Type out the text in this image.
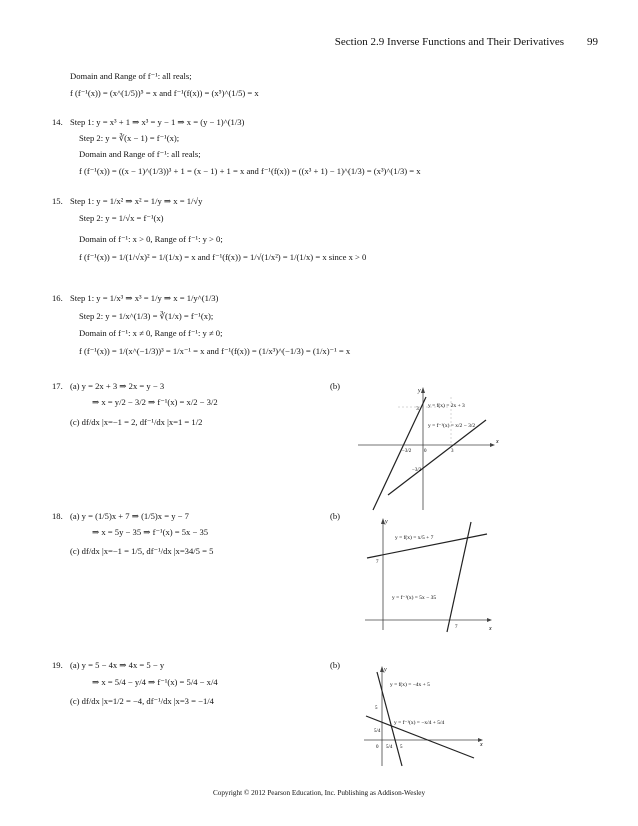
Section 2.9 Inverse Functions and Their Derivatives 99
Domain and Range of f⁻¹: all reals;
f (f⁻¹(x)) = (x^(1/5))⁵ = x and f⁻¹(f(x)) = (x⁵)^(1/5) = x
14. Step 1: y = x³ + 1 ⇒ x³ = y − 1 ⇒ x = (y − 1)^(1/3)
Step 2: y = ∛(x − 1) = f⁻¹(x);
Domain and Range of f⁻¹: all reals;
f (f⁻¹(x)) = ((x − 1)^(1/3))³ + 1 = (x − 1) + 1 = x and f⁻¹(f(x)) = ((x³ + 1) − 1)^(1/3) = (x³)^(1/3) = x
15. Step 1: y = 1/x² ⇒ x² = 1/y ⇒ x = 1/√y
Step 2: y = 1/√x = f⁻¹(x)
Domain of f⁻¹: x > 0, Range of f⁻¹: y > 0;
f (f⁻¹(x)) = 1/(1/√x)² = 1/(1/x) = x and f⁻¹(f(x)) = 1/√(1/x²) = 1/(1/x) = x since x > 0
16. Step 1: y = 1/x³ ⇒ x³ = 1/y ⇒ x = 1/y^(1/3)
Step 2: y = 1/x^(1/3) = ∛(1/x) = f⁻¹(x);
Domain of f⁻¹: x ≠ 0, Range of f⁻¹: y ≠ 0;
f (f⁻¹(x)) = 1/(x^(−1/3))³ = 1/x⁻¹ = x and f⁻¹(f(x)) = (1/x³)^(−1/3) = (1/x)⁻¹ = x
17. (a) y = 2x + 3 ⇒ 2x = y − 3
⇒ x = y/2 − 3/2 ⇒ f⁻¹(x) = x/2 − 3/2
(c) df/dx |x=−1 = 2, df⁻¹/dx |x=1 = 1/2
(b)
x
y
y = f(x) = 2x + 3
y = f⁻¹(x) = x/2 − 3/2
3
−3/2	0	3
−3/2
18. (a) y = (1/5)x + 7 ⇒ (1/5)x = y − 7
⇒ x = 5y − 35 ⇒ f⁻¹(x) = 5x − 35
(c) df/dx |x=−1 = 1/5, df⁻¹/dx |x=34/5 = 5
(b)
x
y
y = f(x) = x/5 + 7
y = f⁻¹(x) = 5x − 35
7
7
19. (a) y = 5 − 4x ⇒ 4x = 5 − y
⇒ x = 5/4 − y/4 ⇒ f⁻¹(x) = 5/4 − x/4
(c) df/dx |x=1/2 = −4, df⁻¹/dx |x=3 = −1/4
(b)
x
y
y = f(x) = −4x + 5
y = f⁻¹(x) = −x/4 + 5/4
5
5/4
0 5/4 5
Copyright © 2012 Pearson Education, Inc. Publishing as Addison-Wesley
